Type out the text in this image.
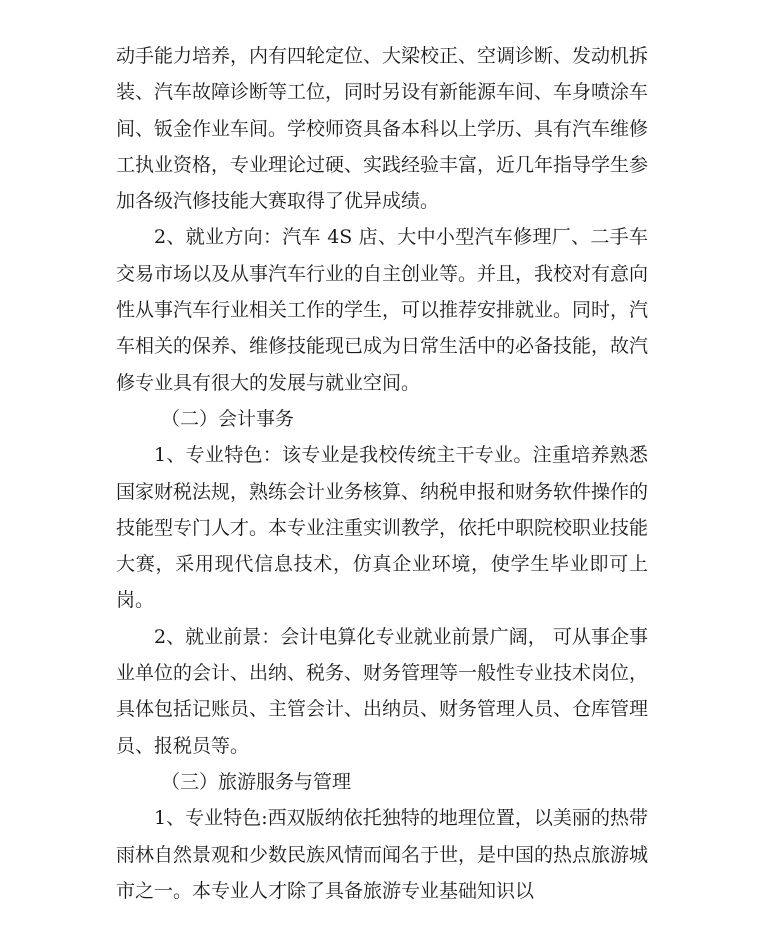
动手能力培养，内有四轮定位、大梁校正、空调诊断、发动机拆装、汽车故障诊断等工位，同时另设有新能源车间、车身喷涂车间、钣金作业车间。学校师资具备本科以上学历、具有汽车维修工执业资格，专业理论过硬、实践经验丰富，近几年指导学生参加各级汽修技能大赛取得了优异成绩。

2、就业方向：汽车 4S 店、大中小型汽车修理厂、二手车交易市场以及从事汽车行业的自主创业等。并且，我校对有意向性从事汽车行业相关工作的学生，可以推荐安排就业。同时，汽车相关的保养、维修技能现已成为日常生活中的必备技能，故汽修专业具有很大的发展与就业空间。

（二）会计事务

1、专业特色：该专业是我校传统主干专业。注重培养熟悉国家财税法规，熟练会计业务核算、纳税申报和财务软件操作的技能型专门人才。本专业注重实训教学，依托中职院校职业技能大赛，采用现代信息技术，仿真企业环境，使学生毕业即可上岗。

2、就业前景：会计电算化专业就业前景广阔， 可从事企事业单位的会计、出纳、税务、财务管理等一般性专业技术岗位，具体包括记账员、主管会计、出纳员、财务管理人员、仓库管理员、报税员等。

（三）旅游服务与管理

1、专业特色:西双版纳依托独特的地理位置，以美丽的热带雨林自然景观和少数民族风情而闻名于世，是中国的热点旅游城市之一。本专业人才除了具备旅游专业基础知识以
